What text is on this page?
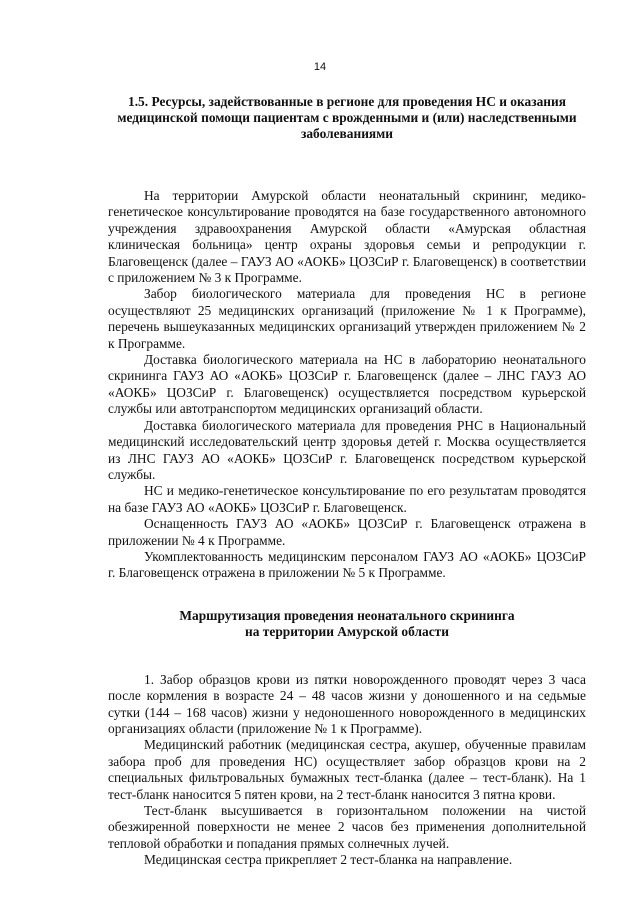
14
1.5. Ресурсы, задействованные в регионе для проведения НС и оказания медицинской помощи пациентам с врожденными и (или) наследственными заболеваниями

На территории Амурской области неонатальный скрининг, медико-генетическое консультирование проводятся на базе государственного автономного учреждения здравоохранения Амурской области «Амурская областная клиническая больница» центр охраны здоровья семьи и репродукции г. Благовещенск (далее – ГАУЗ АО «АОКБ» ЦОЗСиР г. Благовещенск) в соответствии с приложением № 3 к Программе.

Забор биологического материала для проведения НС в регионе осуществляют 25 медицинских организаций (приложение № 1 к Программе), перечень вышеуказанных медицинских организаций утвержден приложением № 2 к Программе.

Доставка биологического материала на НС в лабораторию неонатального скрининга ГАУЗ АО «АОКБ» ЦОЗСиР г. Благовещенск (далее – ЛНС ГАУЗ АО «АОКБ» ЦОЗСиР г. Благовещенск) осуществляется посредством курьерской службы или автотранспортом медицинских организаций области.

Доставка биологического материала для проведения РНС в Национальный медицинский исследовательский центр здоровья детей г. Москва осуществляется из ЛНС ГАУЗ АО «АОКБ» ЦОЗСиР г. Благовещенск посредством курьерской службы.

НС и медико-генетическое консультирование по его результатам проводятся на базе ГАУЗ АО «АОКБ» ЦОЗСиР г. Благовещенск.

Оснащенность ГАУЗ АО «АОКБ» ЦОЗСиР г. Благовещенск отражена в приложении № 4 к Программе.

Укомплектованность медицинским персоналом ГАУЗ АО «АОКБ» ЦОЗСиР г. Благовещенск отражена в приложении № 5 к Программе.

Маршрутизация проведения неонатального скрининга
на территории Амурской области

1. Забор образцов крови из пятки новорожденного проводят через 3 часа после кормления в возрасте 24 – 48 часов жизни у доношенного и на седьмые сутки (144 – 168 часов) жизни у недоношенного новорожденного в медицинских организациях области (приложение № 1 к Программе).

Медицинский работник (медицинская сестра, акушер, обученные правилам забора проб для проведения НС) осуществляет забор образцов крови на 2 специальных фильтровальных бумажных тест-бланка (далее – тест-бланк). На 1 тест-бланк наносится 5 пятен крови, на 2 тест-бланк наносится 3 пятна крови.

Тест-бланк высушивается в горизонтальном положении на чистой обезжиренной поверхности не менее 2 часов без применения дополнительной тепловой обработки и попадания прямых солнечных лучей.

Медицинская сестра прикрепляет 2 тест-бланка на направление.
